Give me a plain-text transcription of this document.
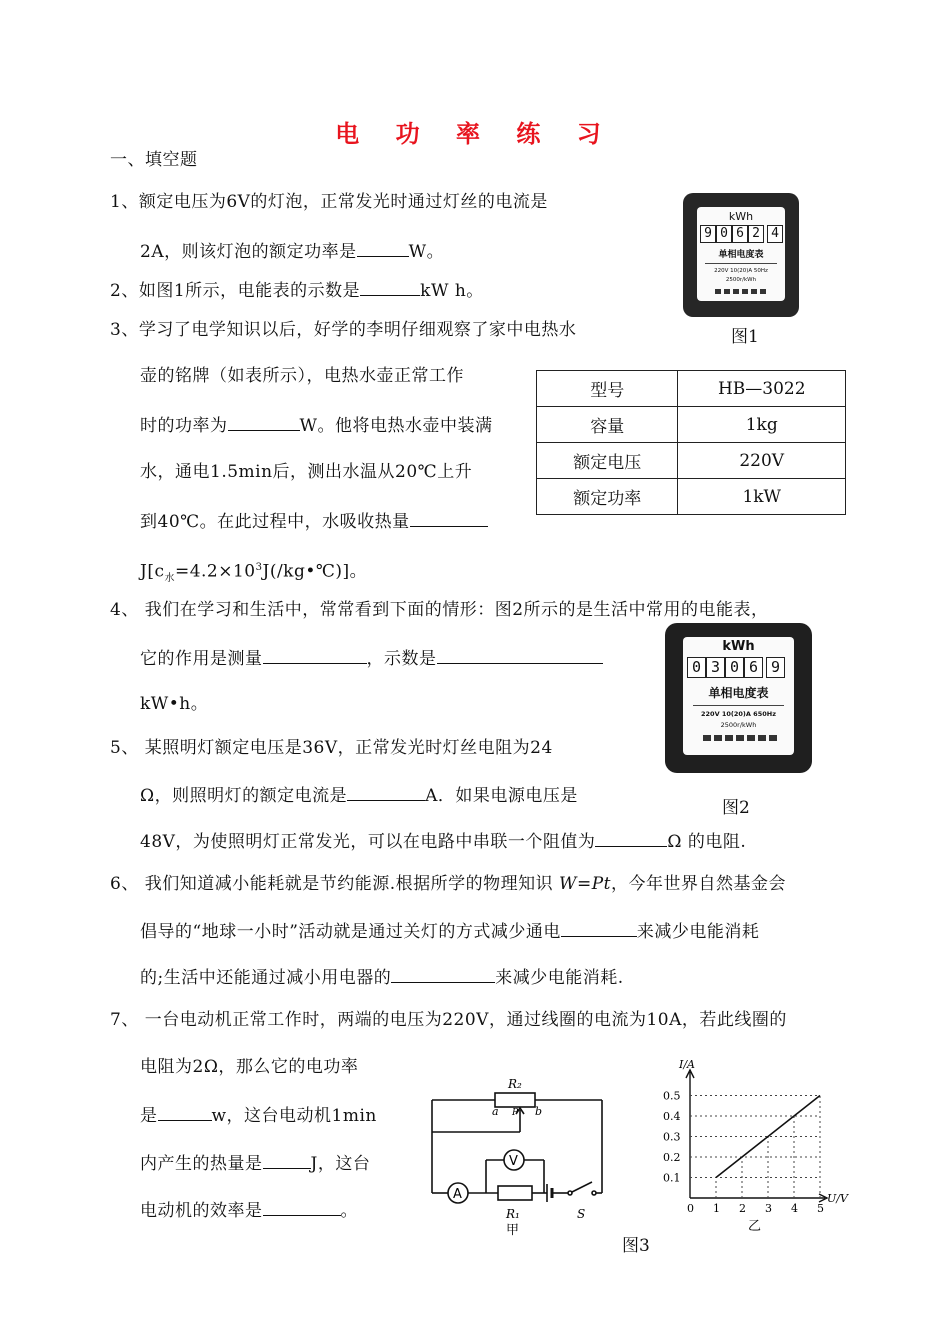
电 功 率 练 习
一、填空题
1、额定电压为6V的灯泡，正常发光时通过灯丝的电流是
2A，则该灯泡的额定功率是	W。
kWh
9 0 6 2 4
单相电度表
220V 10(20)A 50Hz
2500r/kWh
图1
2、如图1所示，电能表的示数是	kW h。
3、学习了电学知识以后，好学的李明仔细观察了家中电热水
壶的铭牌（如表所示），电热水壶正常工作
时的功率为	W。他将电热水壶中装满
水，通电1.5min后，测出水温从20℃上升
到40℃。在此过程中，水吸收热量
$J[c_水=4.2\times 10^3J(/kg•℃)]$。
型号	HB—3022
容量	1kg
额定电压	220V
额定功率	1kW
4、 我们在学习和生活中，常常看到下面的情形：图2所示的是生活中常用的电能表，
它的作用是测量	，示数是
kW•h。
kWh
0 3 0 6 9
单相电度表
220V 10(20)A 650Hz
2500r/kWh
图2
5、 某照明灯额定电压是36V，正常发光时灯丝电阻为24
Ω，则照明灯的额定电流是	A．如果电源电压是
48V，为使照明灯正常发光，可以在电路中串联一个阻值为	Ω 的电阻.
6、 我们知道减小能耗就是节约能源.根据所学的物理知识 W=Pt，今年世界自然基金会
倡导的“地球一小时”活动就是通过关灯的方式减少通电	来减少电能消耗
的;生活中还能通过减小用电器的	来减少电能消耗.
7、 一台电动机正常工作时，两端的电压为220V，通过线圈的电流为10A，若此线圈的
电阻为2Ω，那么它的电功率
是	w，这台电动机1min
内产生的热量是	J，这台
电动机的效率是	。
R₂
a P b
V
A
R₁	S
甲
0.5
0.4
0.3
0.2
0.1
0 1 2 3 4 5
I/A
U/V
乙
图3
